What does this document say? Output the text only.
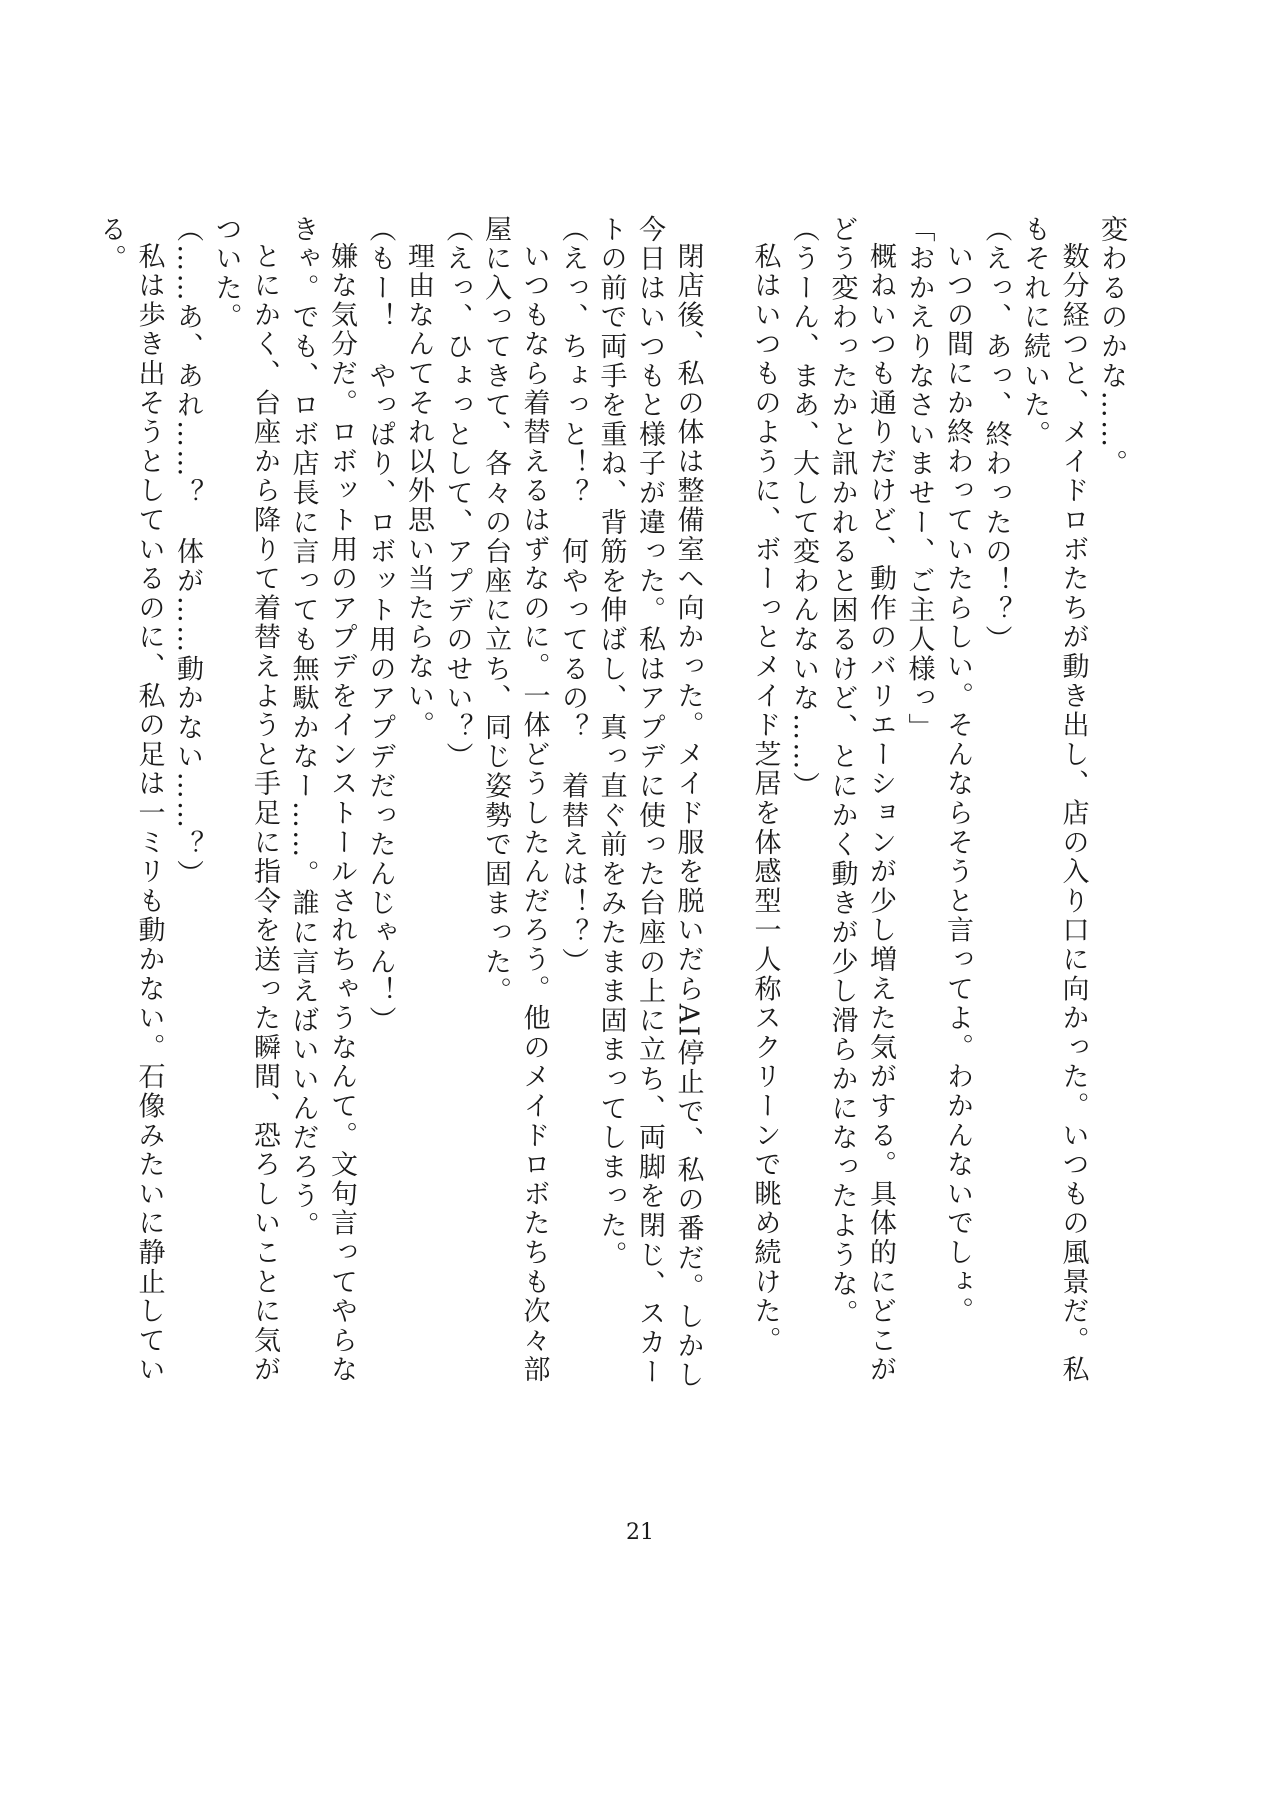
変わるのかな……。

数分経つと、メイドロボたちが動き出し、店の入り口に向かった。いつもの風景だ。私もそれに続いた。

（えっ、あっ、終わったの！？）

いつの間にか終わっていたらしい。そんならそうと言ってよ。わかんないでしょ。

「おかえりなさいませー、ご主人様っ」

概ねいつも通りだけど、動作のバリエーションが少し増えた気がする。具体的にどこがどう変わったかと訊かれると困るけど、とにかく動きが少し滑らかになったような。

（うーん、まあ、大して変わんないな……）

私はいつものように、ボーっとメイド芝居を体感型一人称スクリーンで眺め続けた。

閉店後、私の体は整備室へ向かった。メイド服を脱いだらAI停止で、私の番だ。しかし今日はいつもと様子が違った。私はアプデに使った台座の上に立ち、両脚を閉じ、スカートの前で両手を重ね、背筋を伸ばし、真っ直ぐ前をみたまま固まってしまった。

（えっ、ちょっと！？　何やってるの？　着替えは！？）

いつもなら着替えるはずなのに。一体どうしたんだろう。他のメイドロボたちも次々部屋に入ってきて、各々の台座に立ち、同じ姿勢で固まった。

（えっ、ひょっとして、アプデのせい？）

理由なんてそれ以外思い当たらない。

（もー！　やっぱり、ロボット用のアプデだったんじゃん！）

嫌な気分だ。ロボット用のアプデをインストールされちゃうなんて。文句言ってやらなきゃ。でも、ロボ店長に言っても無駄かなー……。誰に言えばいいんだろう。

とにかく、台座から降りて着替えようと手足に指令を送った瞬間、恐ろしいことに気がついた。

（……あ、あれ……？　体が……動かない……？）

私は歩き出そうとしているのに、私の足は一ミリも動かない。石像みたいに静止している。

21
